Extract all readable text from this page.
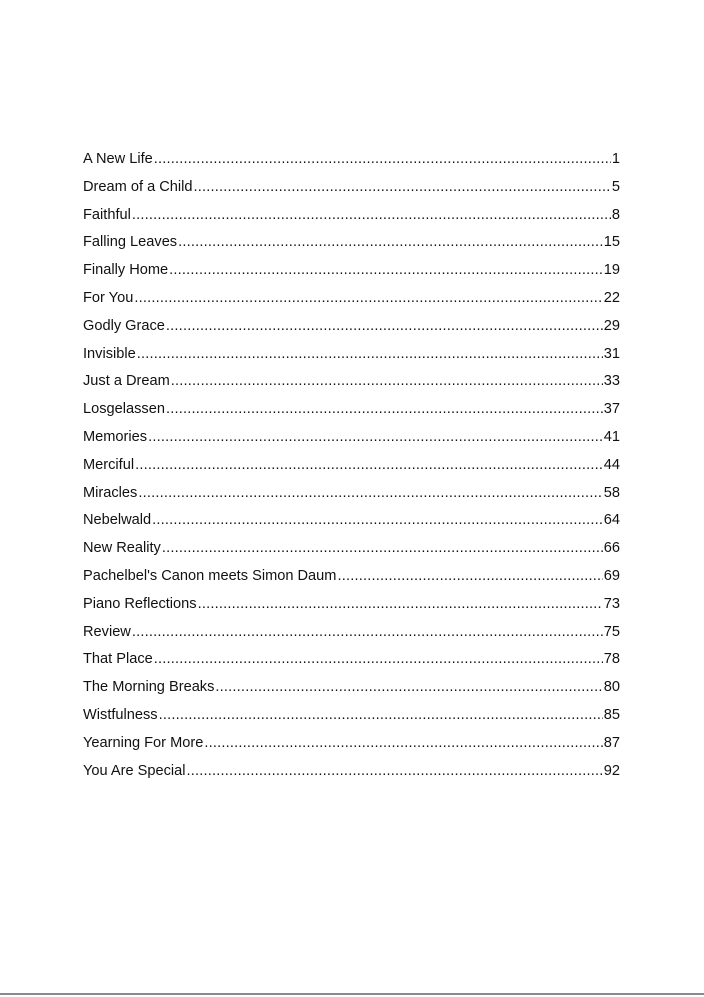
A New Life .....	1
Dream of a Child .....	5
Faithful .....	8
Falling Leaves .....	15
Finally Home .....	19
For You .....	22
Godly Grace .....	29
Invisible .....	31
Just a Dream .....	33
Losgelassen .....	37
Memories .....	41
Merciful .....	44
Miracles .....	58
Nebelwald .....	64
New Reality .....	66
Pachelbel's Canon meets Simon Daum .....	69
Piano Reflections .....	73
Review .....	75
That Place .....	78
The Morning Breaks .....	80
Wistfulness .....	85
Yearning For More .....	87
You Are Special .....	92
